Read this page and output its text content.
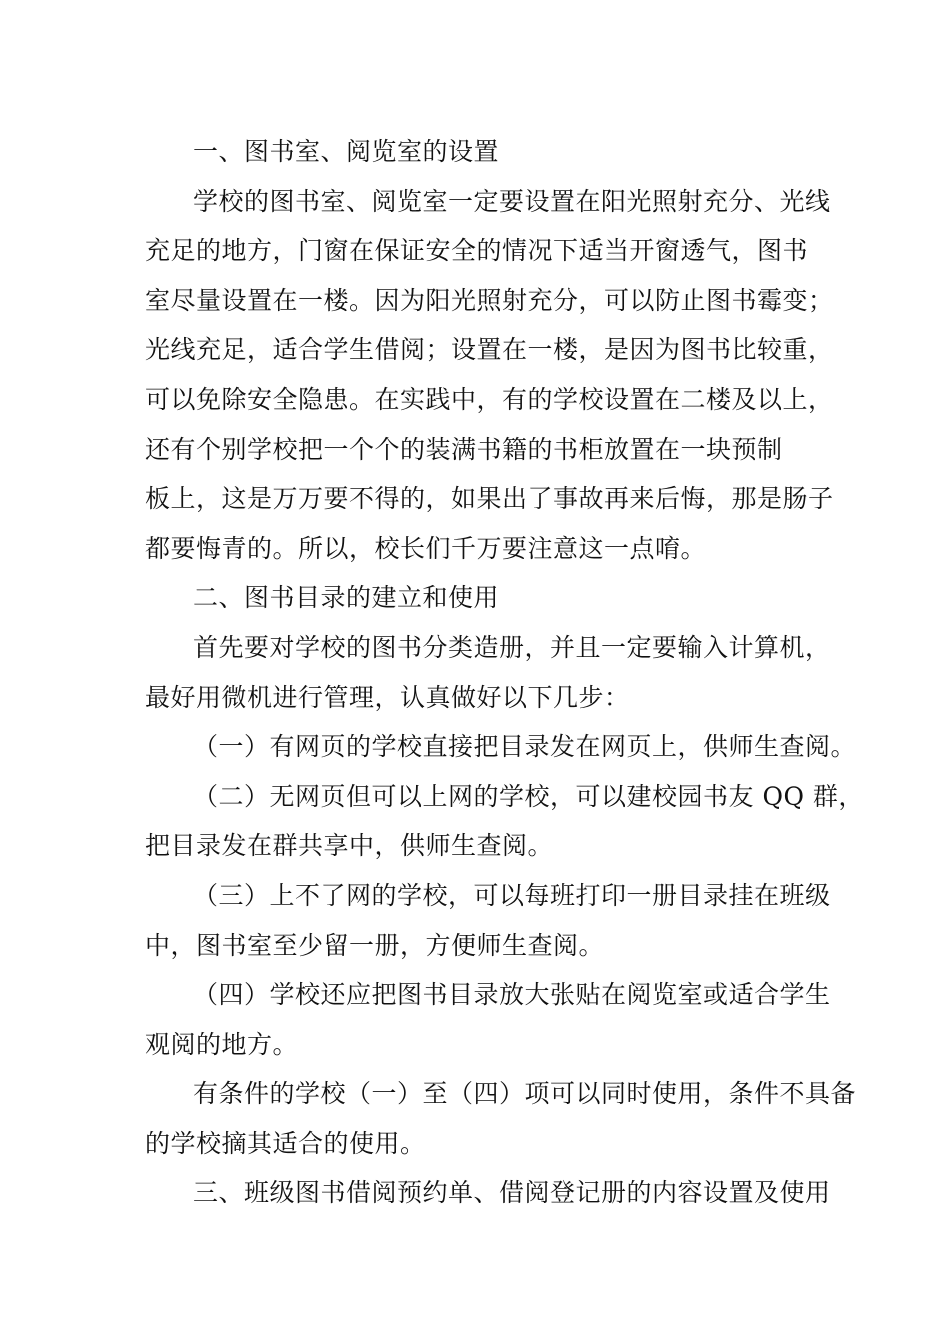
一、图书室、阅览室的设置
学校的图书室、阅览室一定要设置在阳光照射充分、光线
充足的地方，门窗在保证安全的情况下适当开窗透气，图书
室尽量设置在一楼。因为阳光照射充分，可以防止图书霉变；
光线充足，适合学生借阅；设置在一楼，是因为图书比较重，
可以免除安全隐患。在实践中，有的学校设置在二楼及以上，
还有个别学校把一个个的装满书籍的书柜放置在一块预制
板上，这是万万要不得的，如果出了事故再来后悔，那是肠子
都要悔青的。所以，校长们千万要注意这一点唷。
二、图书目录的建立和使用
首先要对学校的图书分类造册，并且一定要输入计算机，
最好用微机进行管理，认真做好以下几步：
（一）有网页的学校直接把目录发在网页上，供师生查阅。
（二）无网页但可以上网的学校，可以建校园书友 QQ 群，
把目录发在群共享中，供师生查阅。
（三）上不了网的学校，可以每班打印一册目录挂在班级
中，图书室至少留一册，方便师生查阅。
（四）学校还应把图书目录放大张贴在阅览室或适合学生
观阅的地方。
有条件的学校（一）至（四）项可以同时使用，条件不具备
的学校摘其适合的使用。
三、班级图书借阅预约单、借阅登记册的内容设置及使用
